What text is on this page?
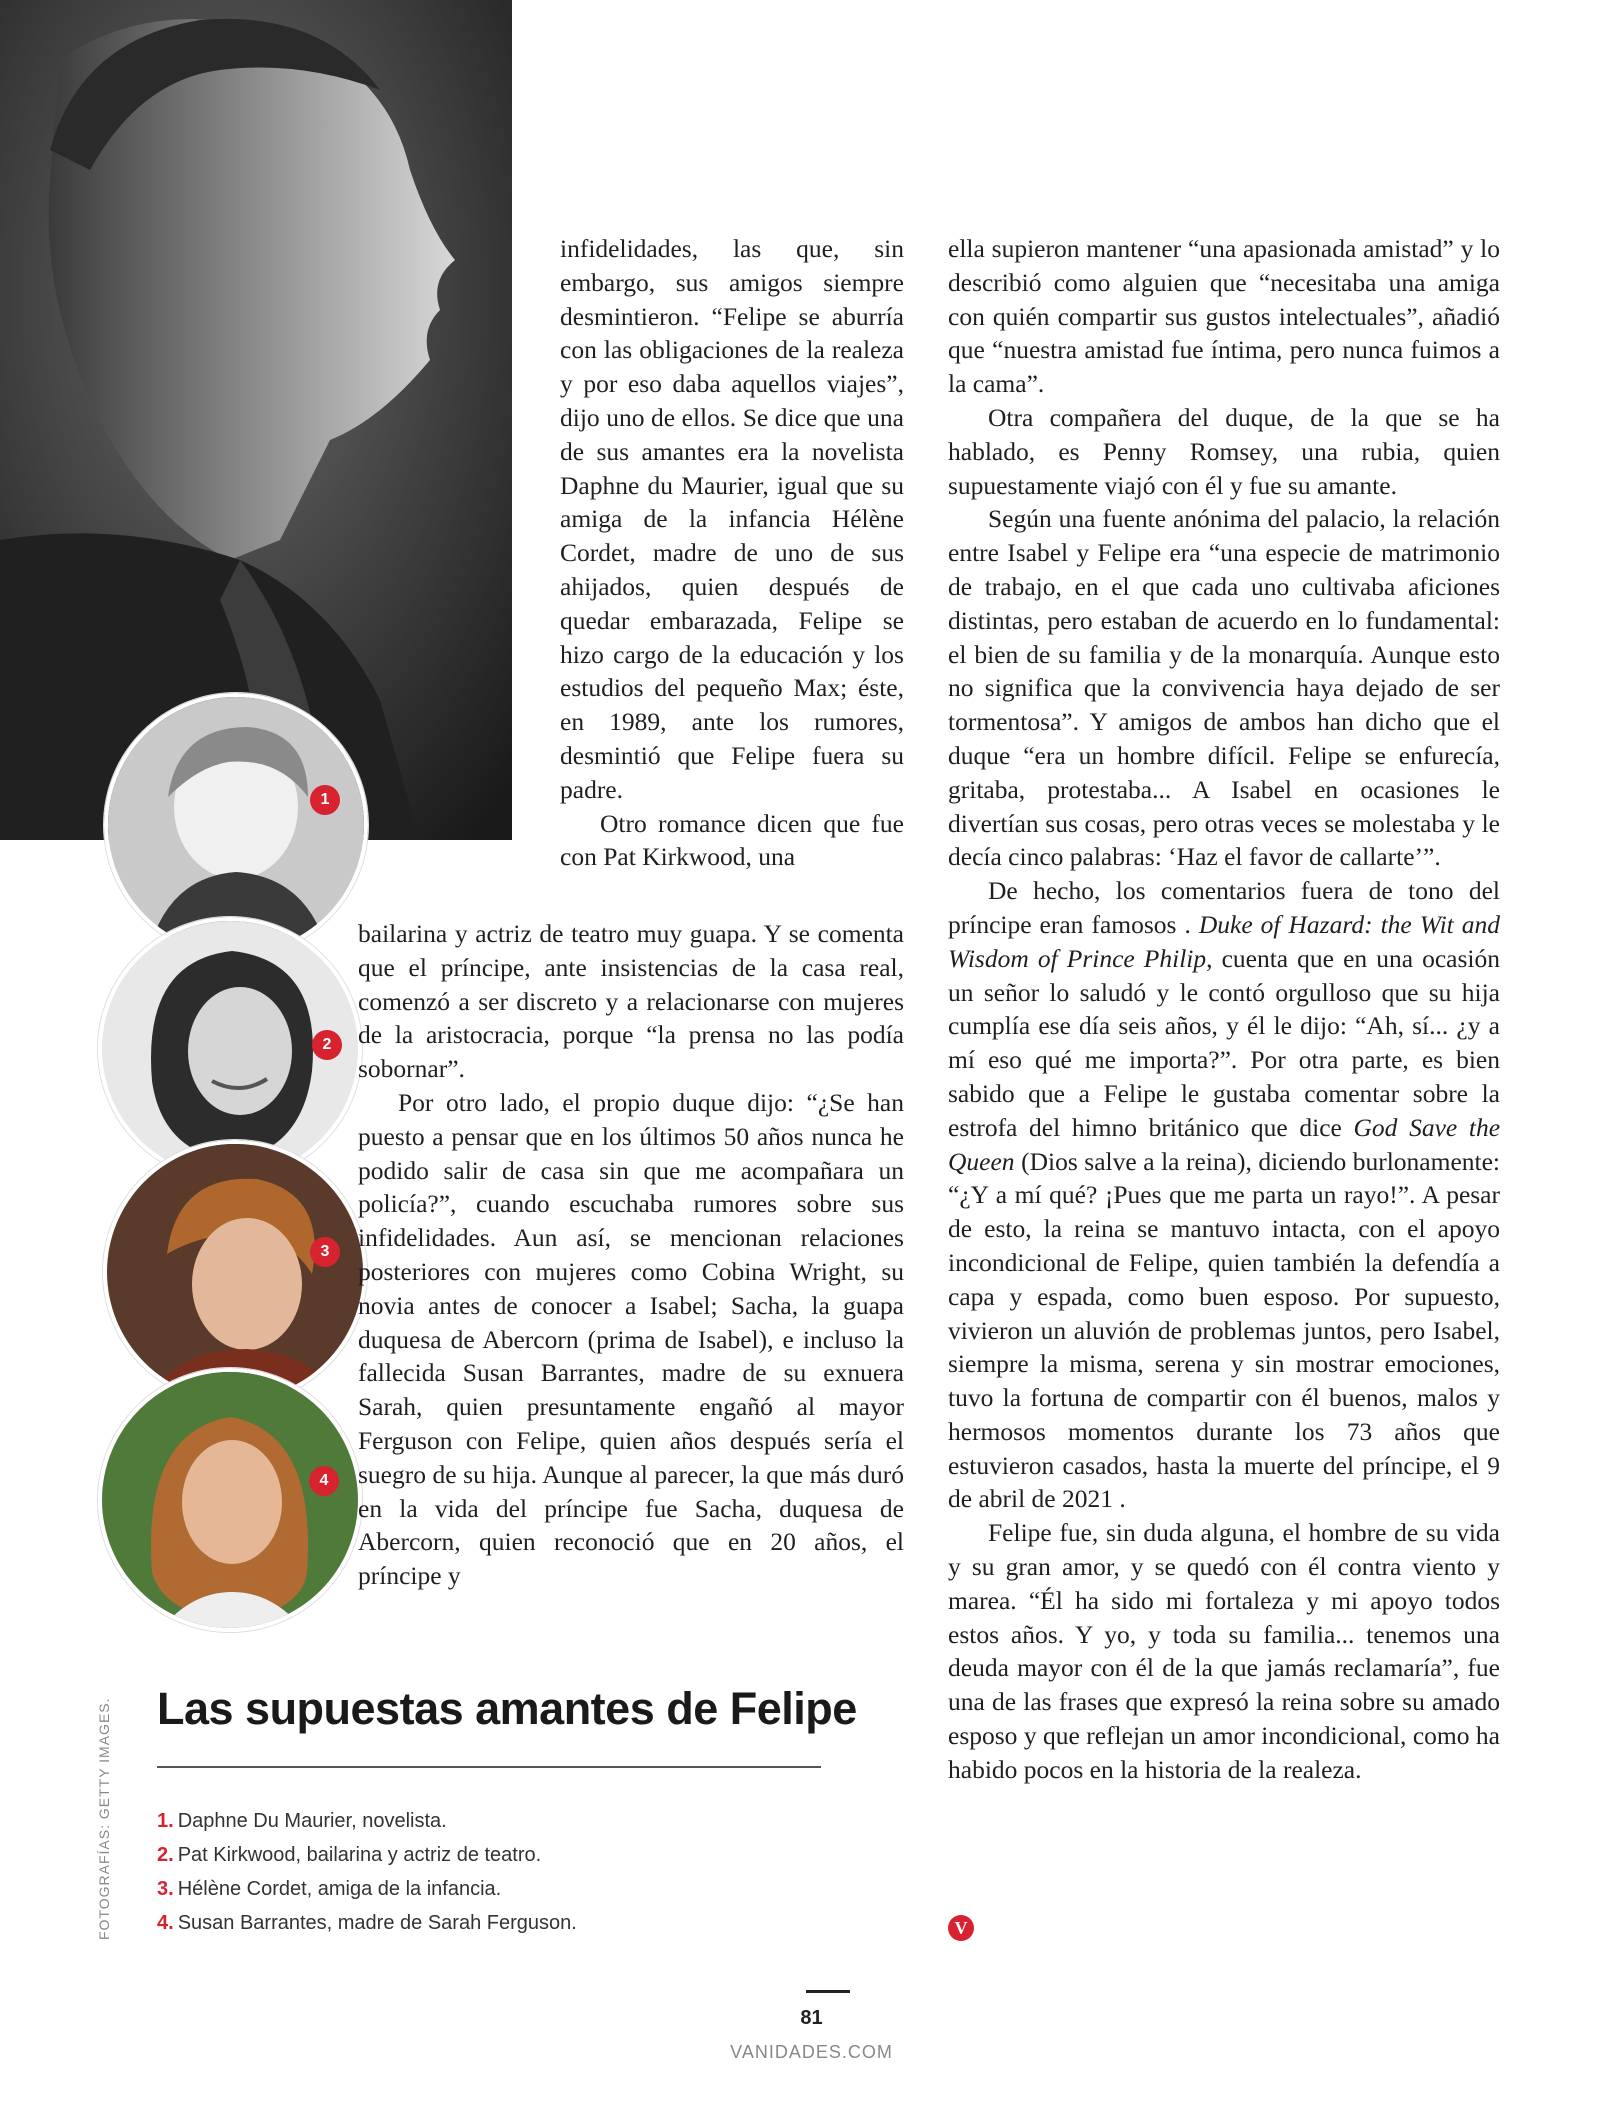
1
2
3
4

infidelidades, las que, sin embargo, sus amigos siempre desmintieron. “Felipe se aburría con las obligaciones de la realeza y por eso daba aquellos viajes”, dijo uno de ellos. Se dice que una de sus amantes era la novelista Daphne du Maurier, igual que su amiga de la infancia Hélène Cordet, madre de uno de sus ahijados, quien después de quedar embarazada, Felipe se hizo cargo de la educación y los estudios del pequeño Max; éste, en 1989, ante los rumores, desmintió que Felipe fuera su padre.

Otro romance dicen que fue con Pat Kirkwood, una

bailarina y actriz de teatro muy guapa. Y se comenta que el príncipe, ante insistencias de la casa real, comenzó a ser discreto y a relacionarse con mujeres de la aristocracia, porque “la prensa no las podía sobornar”.

Por otro lado, el propio duque dijo: “¿Se han puesto a pensar que en los últimos 50 años nunca he podido salir de casa sin que me acompañara un policía?”, cuando escuchaba rumores sobre sus infidelidades. Aun así, se mencionan relaciones posteriores con mujeres como Cobina Wright, su novia antes de conocer a Isabel; Sacha, la guapa duquesa de Abercorn (prima de Isabel), e incluso la fallecida Susan Barrantes, madre de su exnuera Sarah, quien presuntamente engañó al mayor Ferguson con Felipe, quien años después sería el suegro de su hija. Aunque al parecer, la que más duró en la vida del príncipe fue Sacha, duquesa de Abercorn, quien reconoció que en 20 años, el príncipe y

ella supieron mantener “una apasionada amistad” y lo describió como alguien que “necesitaba una amiga con quién compartir sus gustos intelectuales”, añadió que “nuestra amistad fue íntima, pero nunca fuimos a la cama”.

Otra compañera del duque, de la que se ha hablado, es Penny Romsey, una rubia, quien supuestamente viajó con él y fue su amante.

Según una fuente anónima del palacio, la relación entre Isabel y Felipe era “una especie de matrimonio de trabajo, en el que cada uno cultivaba aficiones distintas, pero estaban de acuerdo en lo fundamental: el bien de su familia y de la monarquía. Aunque esto no significa que la convivencia haya dejado de ser tormentosa”. Y amigos de ambos han dicho que el duque “era un hombre difícil. Felipe se enfurecía, gritaba, protestaba... A Isabel en ocasiones le divertían sus cosas, pero otras veces se molestaba y le decía cinco palabras: ‘Haz el favor de callarte’”.

De hecho, los comentarios fuera de tono del príncipe eran famosos . Duke of Hazard: the Wit and Wisdom of Prince Philip, cuenta que en una ocasión un señor lo saludó y le contó orgulloso que su hija cumplía ese día seis años, y él le dijo: “Ah, sí... ¿y a mí eso qué me importa?”. Por otra parte, es bien sabido que a Felipe le gustaba comentar sobre la estrofa del himno británico que dice God Save the Queen (Dios salve a la reina), diciendo burlonamente: “¿Y a mí qué? ¡Pues que me parta un rayo!”. A pesar de esto, la reina se mantuvo intacta, con el apoyo incondicional de Felipe, quien también la defendía a capa y espada, como buen esposo. Por supuesto, vivieron un aluvión de problemas juntos, pero Isabel, siempre la misma, serena y sin mostrar emociones, tuvo la fortuna de compartir con él buenos, malos y hermosos momentos durante los 73 años que estuvieron casados, hasta la muerte del príncipe, el 9 de abril de 2021 .

Felipe fue, sin duda alguna, el hombre de su vida y su gran amor, y se quedó con él contra viento y marea. “Él ha sido mi fortaleza y mi apoyo todos estos años. Y yo, y toda su familia... tenemos una deuda mayor con él de la que jamás reclamaría”, fue una de las frases que expresó la reina sobre su amado esposo y que reflejan un amor incondicional, como ha habido pocos en la historia de la realeza.

V
Las supuestas amantes de Felipe
1. Daphne Du Maurier, novelista.
2. Pat Kirkwood, bailarina y actriz de teatro.
3. Hélène Cordet, amiga de la infancia.
4. Susan Barrantes, madre de Sarah Ferguson.
FOTOGRAFÍAS: GETTY IMAGES.
81
VANIDADES.COM
